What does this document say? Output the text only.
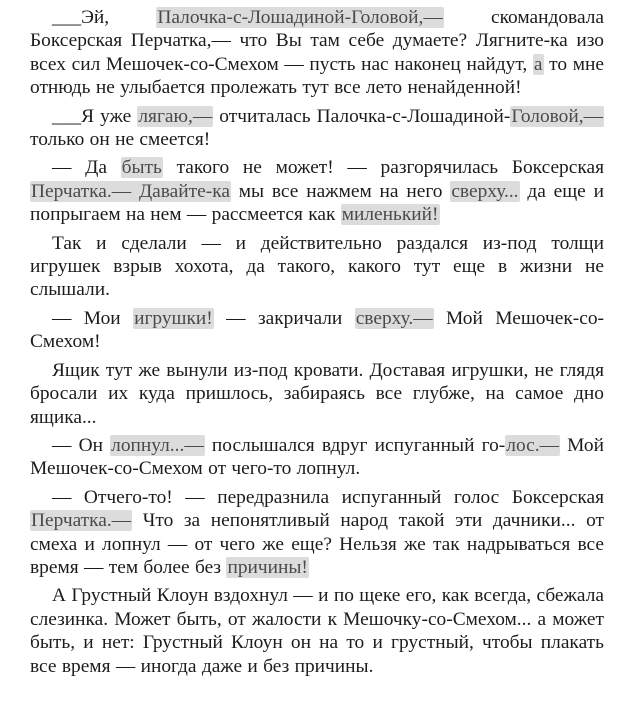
___Эй, Палочка-с-Лошадиной-Головой,— скомандовала Боксерская Перчатка,— что Вы там себе думаете? Лягните-ка изо всех сил Мешочек-со-Смехом — пусть нас наконец найдут, а то мне отнюдь не улыбается пролежать тут все лето ненайденной!

___Я уже лягаю,— отчиталась Палочка-с-Лошадиной-Головой,— только он не смеется!

— Да быть такого не может! — разгорячилась Боксерская Перчатка.— Давайте-ка мы все нажмем на него сверху... да еще и попрыгаем на нем — рассмеется как миленький!

Так и сделали — и действительно раздался из-под толщи игрушек взрыв хохота, да такого, какого тут еще в жизни не слышали.

— Мои игрушки! — закричали сверху.— Мой Мешочек-со-Смехом!

Ящик тут же вынули из-под кровати. Доставая игрушки, не глядя бросали их куда пришлось, забираясь все глубже, на самое дно ящика...

— Он лопнул...— послышался вдруг испуганный го-лос.— Мой Мешочек-со-Смехом от чего-то лопнул.

— Отчего-то! — передразнила испуганный голос Боксерская Перчатка.— Что за непонятливый народ такой эти дачники... от смеха и лопнул — от чего же еще? Нельзя же так надрываться все время — тем более без причины!

А Грустный Клоун вздохнул — и по щеке его, как всегда, сбежала слезинка. Может быть, от жалости к Мешочку-со-Смехом... а может быть, и нет: Грустный Клоун он на то и грустный, чтобы плакать все время — иногда даже и без причины.
